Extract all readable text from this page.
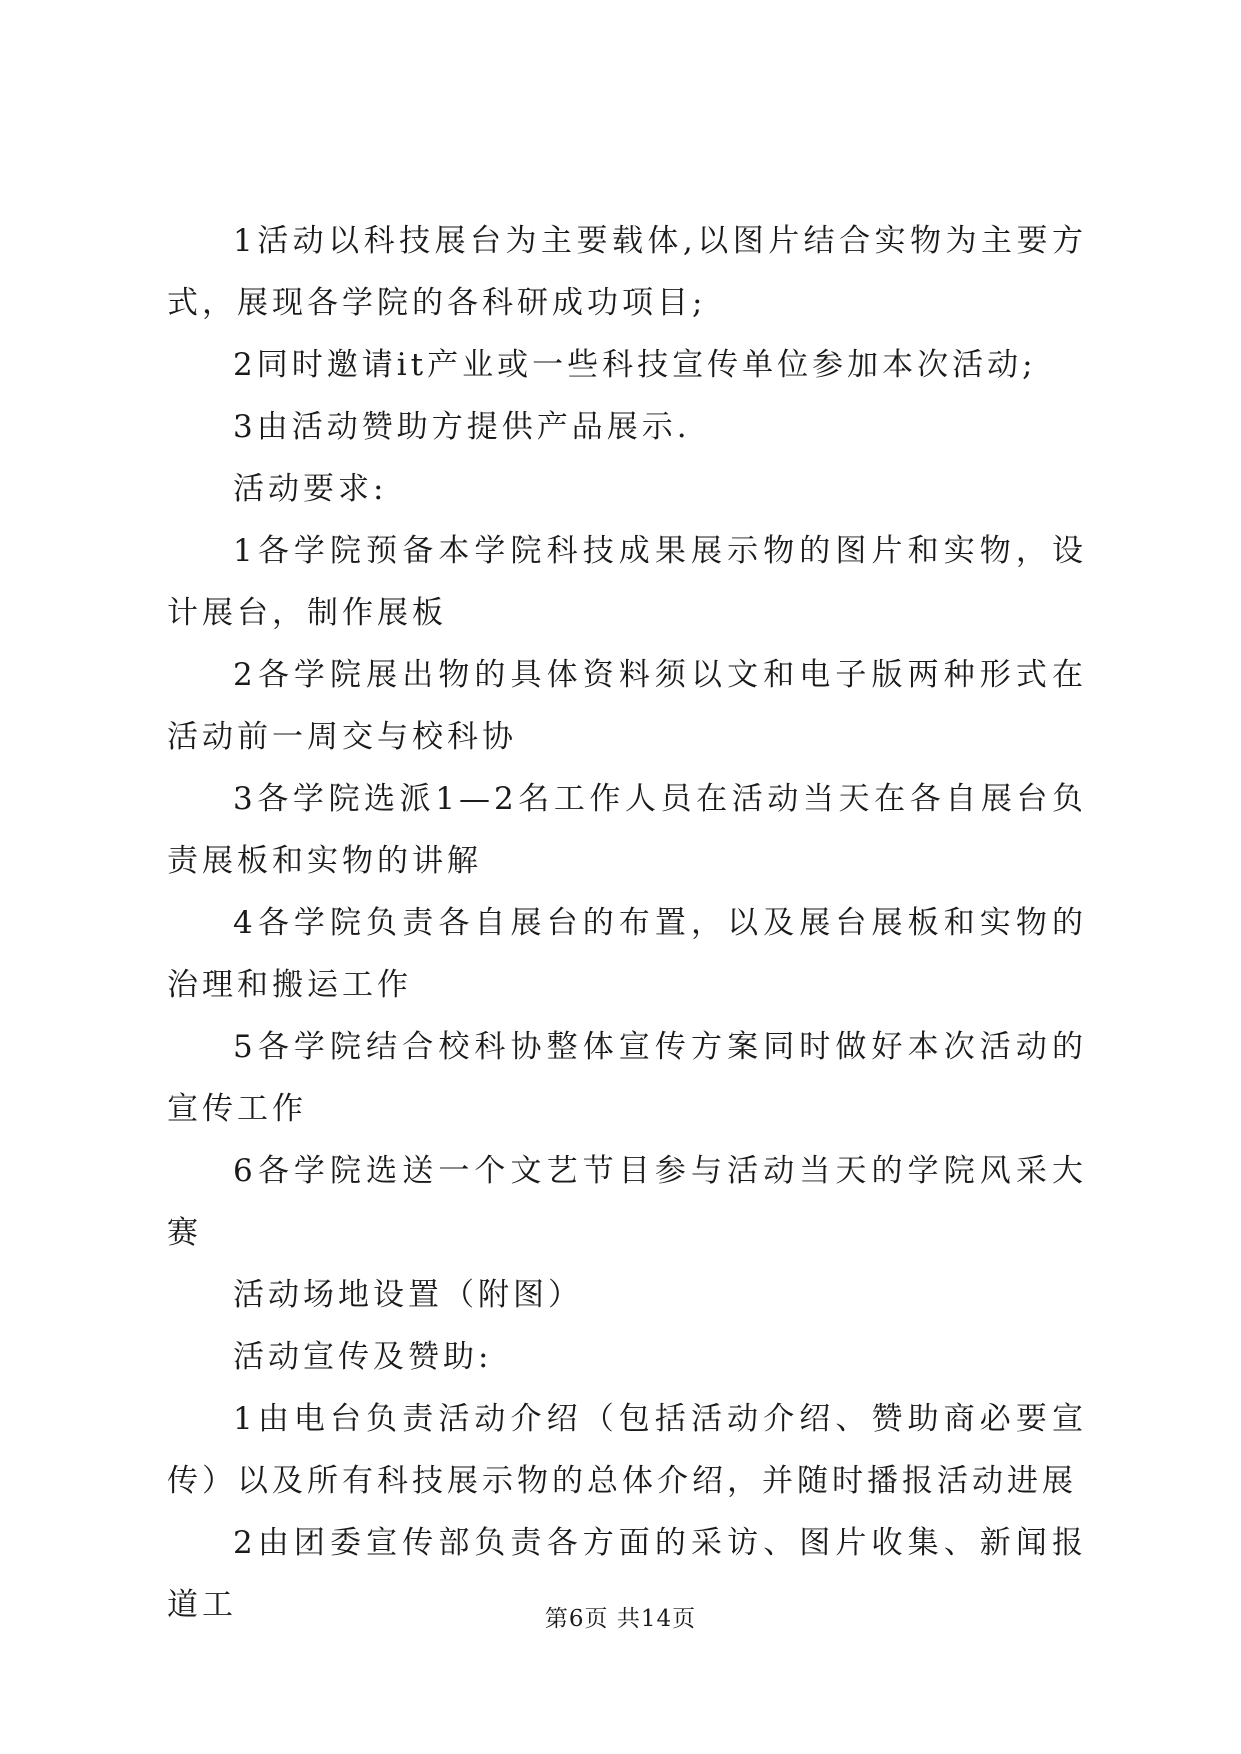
1活动以科技展台为主要载体,以图片结合实物为主要方式，展现各学院的各科研成功项目;

2同时邀请it产业或一些科技宣传单位参加本次活动;

3由活动赞助方提供产品展示.

活动要求:

1各学院预备本学院科技成果展示物的图片和实物，设计展台，制作展板

2各学院展出物的具体资料须以文和电子版两种形式在活动前一周交与校科协

3各学院选派1—2名工作人员在活动当天在各自展台负责展板和实物的讲解

4各学院负责各自展台的布置，以及展台展板和实物的治理和搬运工作

5各学院结合校科协整体宣传方案同时做好本次活动的宣传工作

6各学院选送一个文艺节目参与活动当天的学院风采大赛

活动场地设置（附图）

活动宣传及赞助:

1由电台负责活动介绍（包括活动介绍、赞助商必要宣传）以及所有科技展示物的总体介绍，并随时播报活动进展

2由团委宣传部负责各方面的采访、图片收集、新闻报道工	第6页 共14页
